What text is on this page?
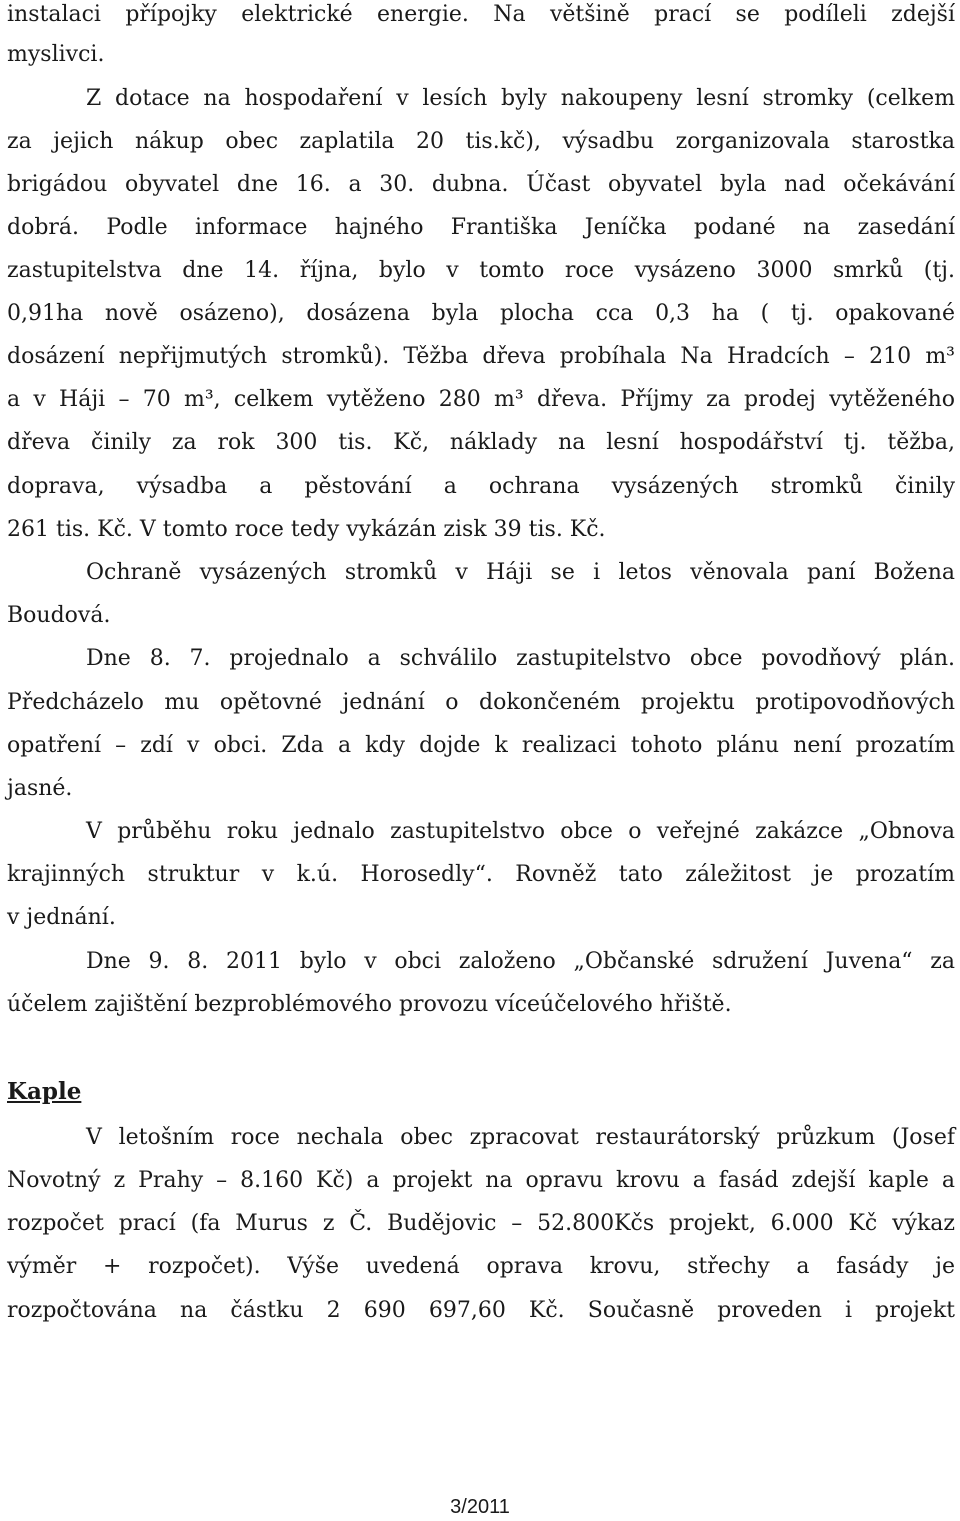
instalaci přípojky elektrické energie. Na většině prací se podíleli zdejší
myslivci.
Z dotace na hospodaření v lesích byly nakoupeny lesní stromky (celkem
za jejich nákup obec zaplatila 20 tis.kč), výsadbu zorganizovala starostka
brigádou obyvatel dne 16. a 30. dubna. Účast obyvatel byla nad očekávání
dobrá. Podle informace hajného Františka Jeníčka podané na zasedání
zastupitelstva dne 14. října, bylo v tomto roce vysázeno 3000 smrků (tj.
0,91ha nově osázeno), dosázena byla plocha cca 0,3 ha ( tj. opakované
dosázení nepřijmutých stromků). Těžba dřeva probíhala Na Hradcích – 210 m³
a v Háji – 70 m³, celkem vytěženo 280 m³ dřeva. Příjmy za prodej vytěženého
dřeva činily za rok 300 tis. Kč, náklady na lesní hospodářství tj. těžba,
doprava, výsadba a pěstování a ochrana vysázených stromků činily
261 tis. Kč. V tomto roce tedy vykázán zisk 39 tis. Kč.
Ochraně vysázených stromků v Háji se i letos věnovala paní Božena
Boudová.
Dne 8. 7. projednalo a schválilo zastupitelstvo obce povodňový plán.
Předcházelo mu opětovné jednání o dokončeném projektu protipovodňových
opatření – zdí v obci. Zda a kdy dojde k realizaci tohoto plánu není prozatím
jasné.
V průběhu roku jednalo zastupitelstvo obce o veřejné zakázce „Obnova
krajinných struktur v k.ú. Horosedly“. Rovněž tato záležitost je prozatím
v jednání.
Dne 9. 8. 2011 bylo v obci založeno „Občanské sdružení Juvena“ za
účelem zajištění bezproblémového provozu víceúčelového hřiště.
Kaple
V letošním roce nechala obec zpracovat restaurátorský průzkum (Josef
Novotný z Prahy – 8.160 Kč) a projekt na opravu krovu a fasád zdejší kaple a
rozpočet prací (fa Murus z Č. Budějovic – 52.800Kčs projekt, 6.000 Kč výkaz
výměr + rozpočet). Výše uvedená oprava krovu, střechy a fasády je
rozpočtována na částku 2 690 697,60 Kč. Současně proveden i projekt
3/2011
